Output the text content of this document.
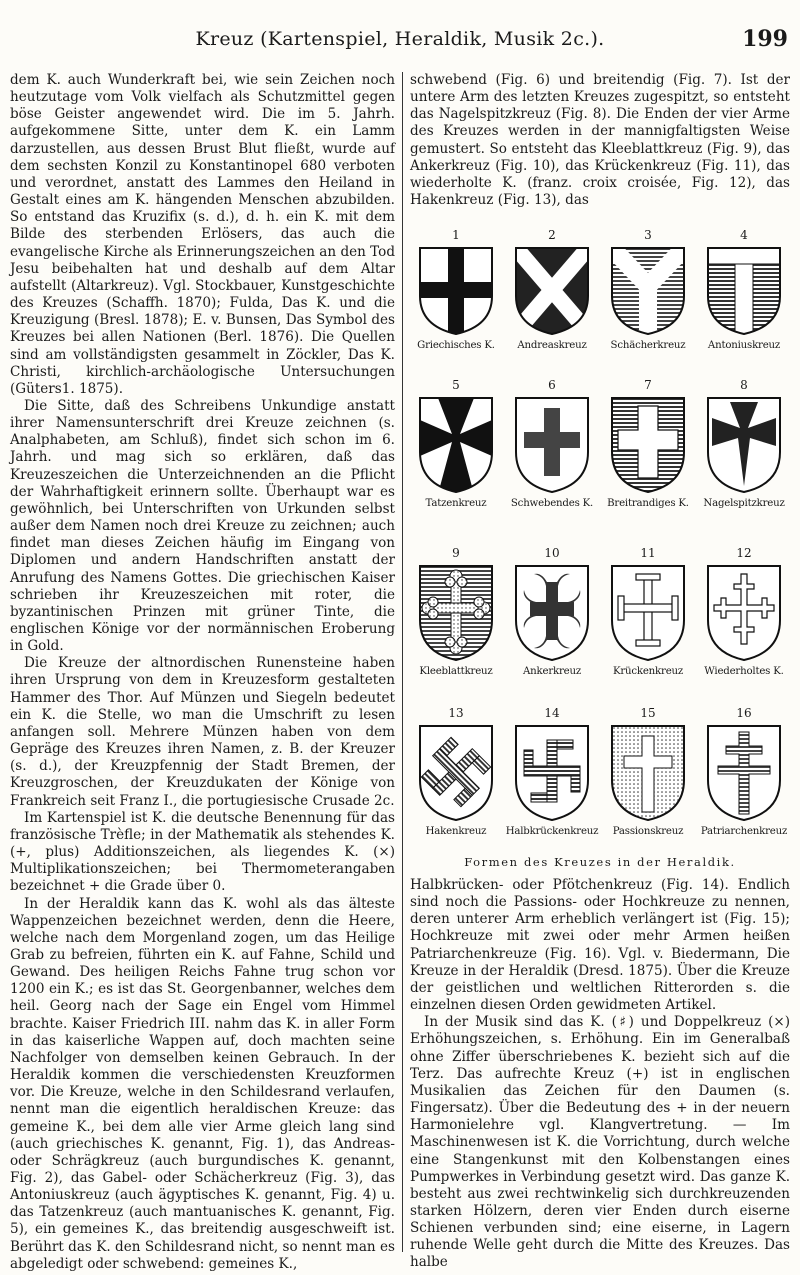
Kreuz (Kartenspiel, Heraldik, Musik 2c.).	199

dem K. auch Wunderkraft bei, wie sein Zeichen noch heutzutage vom Volk vielfach als Schutzmittel gegen böse Geister angewendet wird. Die im 5. Jahrh. aufgekommene Sitte, unter dem K. ein Lamm darzustellen, aus dessen Brust Blut fließt, wurde auf dem sechsten Konzil zu Konstantinopel 680 verboten und verordnet, anstatt des Lammes den Heiland in Gestalt eines am K. hängenden Menschen abzubilden. So entstand das Kruzifix (s. d.), d. h. ein K. mit dem Bilde des sterbenden Erlösers, das auch die evangelische Kirche als Erinnerungszeichen an den Tod Jesu beibehalten hat und deshalb auf dem Altar aufstellt (Altarkreuz). Vgl. Stockbauer, Kunstgeschichte des Kreuzes (Schaffh. 1870); Fulda, Das K. und die Kreuzigung (Bresl. 1878); E. v. Bunsen, Das Symbol des Kreuzes bei allen Nationen (Berl. 1876). Die Quellen sind am vollständigsten gesammelt in Zöckler, Das K. Christi, kirchlich-archäologische Untersuchungen (Güters1. 1875).

Die Sitte, daß des Schreibens Unkundige anstatt ihrer Namensunterschrift drei Kreuze zeichnen (s. Analphabeten, am Schluß), findet sich schon im 6. Jahrh. und mag sich so erklären, daß das Kreuzeszeichen die Unterzeichnenden an die Pflicht der Wahrhaftigkeit erinnern sollte. Überhaupt war es gewöhnlich, bei Unterschriften von Urkunden selbst außer dem Namen noch drei Kreuze zu zeichnen; auch findet man dieses Zeichen häufig im Eingang von Diplomen und andern Handschriften anstatt der Anrufung des Namens Gottes. Die griechischen Kaiser schrieben ihr Kreuzeszeichen mit roter, die byzantinischen Prinzen mit grüner Tinte, die englischen Könige vor der normännischen Eroberung in Gold.

Die Kreuze der altnordischen Runensteine haben ihren Ursprung von dem in Kreuzesform gestalteten Hammer des Thor. Auf Münzen und Siegeln bedeutet ein K. die Stelle, wo man die Umschrift zu lesen anfangen soll. Mehrere Münzen haben von dem Gepräge des Kreuzes ihren Namen, z. B. der Kreuzer (s. d.), der Kreuzpfennig der Stadt Bremen, der Kreuzgroschen, der Kreuzdukaten der Könige von Frankreich seit Franz I., die portugiesische Crusade 2c.

Im Kartenspiel ist K. die deutsche Benennung für das französische Trèfle; in der Mathematik als stehendes K. (+, plus) Additionszeichen, als liegendes K. (×) Multiplikationszeichen; bei Thermometerangaben bezeichnet + die Grade über 0.

In der Heraldik kann das K. wohl als das älteste Wappenzeichen bezeichnet werden, denn die Heere, welche nach dem Morgenland zogen, um das Heilige Grab zu befreien, führten ein K. auf Fahne, Schild und Gewand. Des heiligen Reichs Fahne trug schon vor 1200 ein K.; es ist das St. Georgenbanner, welches dem heil. Georg nach der Sage ein Engel vom Himmel brachte. Kaiser Friedrich III. nahm das K. in aller Form in das kaiserliche Wappen auf, doch machten seine Nachfolger von demselben keinen Gebrauch. In der Heraldik kommen die verschiedensten Kreuzformen vor. Die Kreuze, welche in den Schildesrand verlaufen, nennt man die eigentlich heraldischen Kreuze: das gemeine K., bei dem alle vier Arme gleich lang sind (auch griechisches K. genannt, Fig. 1), das Andreas- oder Schrägkreuz (auch burgundisches K. genannt, Fig. 2), das Gabel- oder Schächerkreuz (Fig. 3), das Antoniuskreuz (auch ägyptisches K. genannt, Fig. 4) u. das Tatzenkreuz (auch mantuanisches K. genannt, Fig. 5), ein gemeines K., das breitendig ausgeschweift ist. Berührt das K. den Schildesrand nicht, so nennt man es abgeledigt oder schwebend: gemeines K.,

schwebend (Fig. 6) und breitendig (Fig. 7). Ist der untere Arm des letzten Kreuzes zugespitzt, so entsteht das Nagelspitzkreuz (Fig. 8). Die Enden der vier Arme des Kreuzes werden in der mannigfaltigsten Weise gemustert. So entsteht das Kleeblattkreuz (Fig. 9), das Ankerkreuz (Fig. 10), das Krückenkreuz (Fig. 11), das wiederholte K. (franz. croix croisée, Fig. 12), das Hakenkreuz (Fig. 13), das

1
Griechisches K.
2
Andreaskreuz
3
Schächerkreuz
4
Antoniuskreuz
5
Tatzenkreuz
6
Schwebendes K.
7
Breitrandiges K.
8
Nagelspitzkreuz
9
Kleeblattkreuz
10
Ankerkreuz
11
Krückenkreuz
12
Wiederholtes K.
13
Hakenkreuz
14
Halbkrückenkreuz
15
Passionskreuz
16
Patriarchenkreuz
Formen des Kreuzes in der Heraldik.

Halbkrücken- oder Pfötchenkreuz (Fig. 14). Endlich sind noch die Passions- oder Hochkreuze zu nennen, deren unterer Arm erheblich verlängert ist (Fig. 15); Hochkreuze mit zwei oder mehr Armen heißen Patriarchenkreuze (Fig. 16). Vgl. v. Biedermann, Die Kreuze in der Heraldik (Dresd. 1875). Über die Kreuze der geistlichen und weltlichen Ritterorden s. die einzelnen diesen Orden gewidmeten Artikel.

In der Musik sind das K. (♯) und Doppelkreuz (×) Erhöhungszeichen, s. Erhöhung. Ein im Generalbaß ohne Ziffer überschriebenes K. bezieht sich auf die Terz. Das aufrechte Kreuz (+) ist in englischen Musikalien das Zeichen für den Daumen (s. Fingersatz). Über die Bedeutung des + in der neuern Harmonielehre vgl. Klangvertretung. — Im Maschinenwesen ist K. die Vorrichtung, durch welche eine Stangenkunst mit den Kolbenstangen eines Pumpwerkes in Verbindung gesetzt wird. Das ganze K. besteht aus zwei rechtwinkelig sich durchkreuzenden starken Hölzern, deren vier Enden durch eiserne Schienen verbunden sind; eine eiserne, in Lagern ruhende Welle geht durch die Mitte des Kreuzes. Das halbe
